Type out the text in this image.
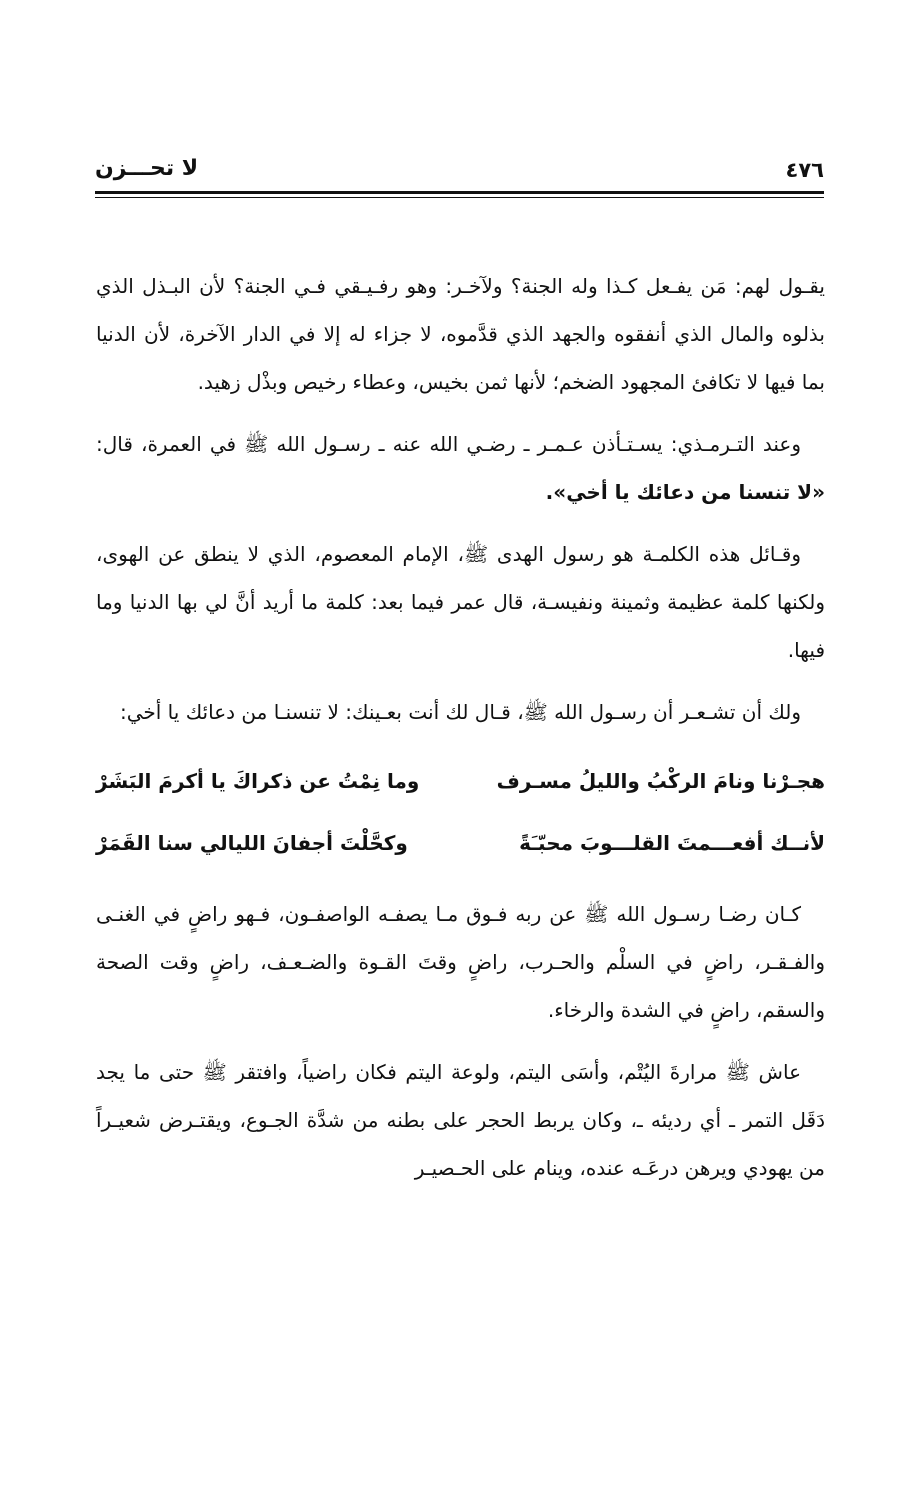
٤٧٦
لا تحـــزن

يقـول لهم: مَن يفـعل كـذا وله الجنة؟ ولآخـر: وهو رفـيـقي فـي الجنة؟ لأن البـذل الذي بذلوه والمال الذي أنفقوه والجهد الذي قدَّموه، لا جزاء له إلا في الدار الآخرة، لأن الدنيا بما فيها لا تكافئ المجهود الضخم؛ لأنها ثمن بخيس، وعطاء رخيص وبذْل زهيد.

وعند التـرمـذي: يسـتـأذن عـمـر ـ رضـي الله عنه ـ رسـول الله ﷺ في العمرة، قال: «لا تنسنا من دعائك يا أخي».

وقـائل هذه الكلمـة هو رسول الهدى ﷺ، الإمام المعصوم، الذي لا ينطق عن الهوى، ولكنها كلمة عظيمة وثمينة ونفيسـة، قال عمر فيما بعد: كلمة ما أريد أنَّ لي بها الدنيا وما فيها.

ولك أن تشـعـر أن رسـول الله ﷺ، قـال لك أنت بعـينك: لا تنسنـا من دعائك يا أخي:

هجـرْنا ونامَ الركْبُ والليلُ مسـرف
وما نِمْتُ عن ذكراكَ يا أكرمَ البَشَرْ
لأنــك أفعـــمتَ القلـــوبَ محبّـَةً
وكحَّلْتَ أجفانَ الليالي سنا القَمَرْ

كـان رضـا رسـول الله ﷺ عن ربه فـوق مـا يصفـه الواصفـون، فـهو راضٍ في الغنـى والفـقـر، راضٍ في السلْم والحـرب، راضٍ وقتَ القـوة والضـعـف، راضٍ وقت الصحة والسقم، راضٍ في الشدة والرخاء.

عاش ﷺ مرارةَ اليُتْم، وأسَى اليتم، ولوعة اليتم فكان راضياً، وافتقر ﷺ حتى ما يجد دَقَل التمر ـ أي رديئه ـ، وكان يربط الحجر على بطنه من شدَّة الجـوع، ويقتـرض شعيـراً من يهودي ويرهن درعَـه عنده، وينام على الحـصيـر
